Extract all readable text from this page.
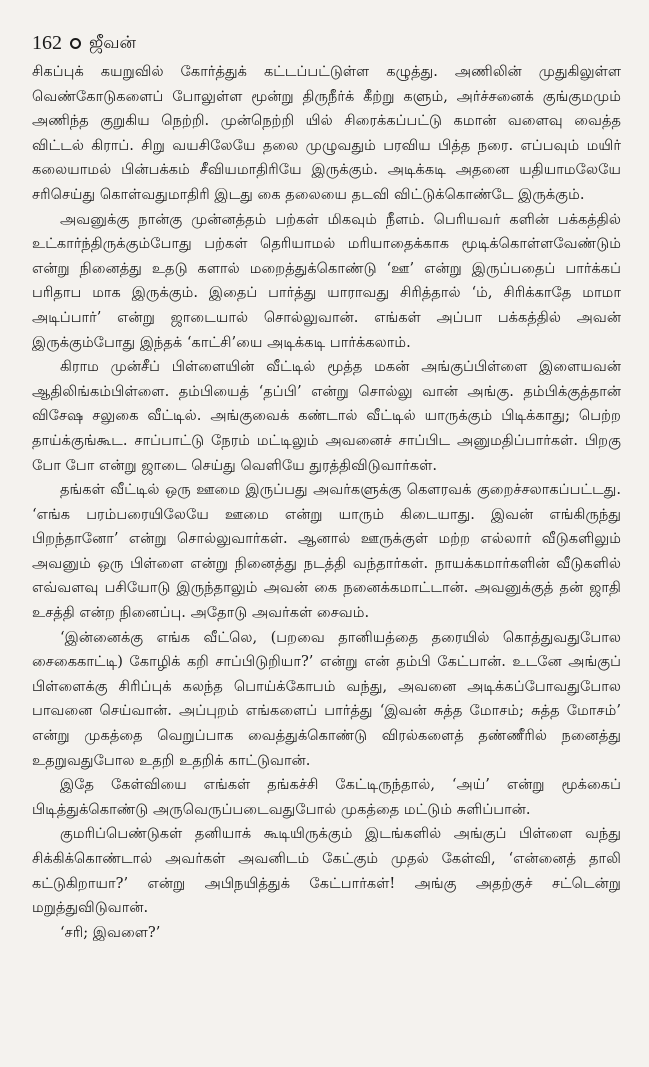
162 ஜீவன்

சிகப்புக் கயறுவில் கோர்த்துக் கட்டப்பட்டுள்ள கழுத்து. அணிலின் முதுகிலுள்ள வெண்கோடுகளைப் போலுள்ள மூன்று திருநீர்க் கீற்று களும், அர்ச்சனைக் குங்குமமும் அணிந்த குறுகிய நெற்றி. முன்நெற்றி யில் சிரைக்கப்பட்டு கமான் வளைவு வைத்த விட்டல் கிராப். சிறு வயசிலேயே தலை முழுவதும் பரவிய பித்த நரை. எப்பவும் மயிர் கலையாமல் பின்பக்கம் சீவியமாதிரியே இருக்கும். அடிக்கடி அதனை யதியாமலேயே சரிசெய்து கொள்வதுமாதிரி இடது கை தலையை தடவி விட்டுக்கொண்டே இருக்கும்.

அவனுக்கு நான்கு முன்னத்தம் பற்கள் மிகவும் நீளம். பெரியவர் களின் பக்கத்தில் உட்கார்ந்திருக்கும்போது பற்கள் தெரியாமல் மரியாதைக்காக மூடிக்கொள்ளவேண்டும் என்று நினைத்து உதடு களால் மறைத்துக்கொண்டு ‘ஊ’ என்று இருப்பதைப் பார்க்கப் பரிதாப மாக இருக்கும். இதைப் பார்த்து யாராவது சிரித்தால் ‘ம், சிரிக்காதே மாமா அடிப்பார்’ என்று ஜாடையால் சொல்லுவான். எங்கள் அப்பா பக்கத்தில் அவன் இருக்கும்போது இந்தக் ‘காட்சி’யை அடிக்கடி பார்க்கலாம்.

கிராம முன்சீப் பிள்ளையின் வீட்டில் மூத்த மகன் அங்குப்பிள்ளை இளையவன் ஆதிலிங்கம்பிள்ளை. தம்பியைத் ‘தப்பி’ என்று சொல்லு வான் அங்கு. தம்பிக்குத்தான் விசேஷ சலுகை வீட்டில். அங்குவைக் கண்டால் வீட்டில் யாருக்கும் பிடிக்காது; பெற்ற தாய்க்குங்கூட. சாப்பாட்டு நேரம் மட்டிலும் அவனைச் சாப்பிட அனுமதிப்பார்கள். பிறகு போ போ என்று ஜாடை செய்து வெளியே துரத்திவிடுவார்கள்.

தங்கள் வீட்டில் ஒரு ஊமை இருப்பது அவர்களுக்கு கௌரவக் குறைச்சலாகப்பட்டது. ‘எங்க பரம்பரையிலேயே ஊமை என்று யாரும் கிடையாது. இவன் எங்கிருந்து பிறந்தானோ’ என்று சொல்லுவார்கள். ஆனால் ஊருக்குள் மற்ற எல்லார் வீடுகளிலும் அவனும் ஒரு பிள்ளை என்று நினைத்து நடத்தி வந்தார்கள். நாயக்கமார்களின் வீடுகளில் எவ்வளவு பசியோடு இருந்தாலும் அவன் கை நனைக்கமாட்டான். அவனுக்குத் தன் ஜாதி உசத்தி என்ற நினைப்பு. அதோடு அவர்கள் சைவம்.

‘இன்னைக்கு எங்க வீட்லெ, (பறவை தானியத்தை தரையில் கொத்துவதுபோல சைகைகாட்டி) கோழிக் கறி சாப்பிடுறியா?’ என்று என் தம்பி கேட்பான். உடனே அங்குப் பிள்ளைக்கு சிரிப்புக் கலந்த பொய்க்கோபம் வந்து, அவனை அடிக்கப்போவதுபோல பாவனை செய்வான். அப்புறம் எங்களைப் பார்த்து ‘இவன் சுத்த மோசம்; சுத்த மோசம்’ என்று முகத்தை வெறுப்பாக வைத்துக்கொண்டு விரல்களைத் தண்ணீரில் நனைத்து உதறுவதுபோல உதறி உதறிக் காட்டுவான்.

இதே கேள்வியை எங்கள் தங்கச்சி கேட்டிருந்தால், ‘அய்’ என்று மூக்கைப் பிடித்துக்கொண்டு அருவெருப்படைவதுபோல் முகத்தை மட்டும் சுளிப்பான்.

குமரிப்பெண்டுகள் தனியாக் கூடியிருக்கும் இடங்களில் அங்குப் பிள்ளை வந்து சிக்கிக்கொண்டால் அவர்கள் அவனிடம் கேட்கும் முதல் கேள்வி, ‘என்னைத் தாலி கட்டுகிறாயா?’ என்று அபிநயித்துக் கேட்பார்கள்! அங்கு அதற்குச் சட்டென்று மறுத்துவிடுவான்.

‘சரி; இவளை?’
